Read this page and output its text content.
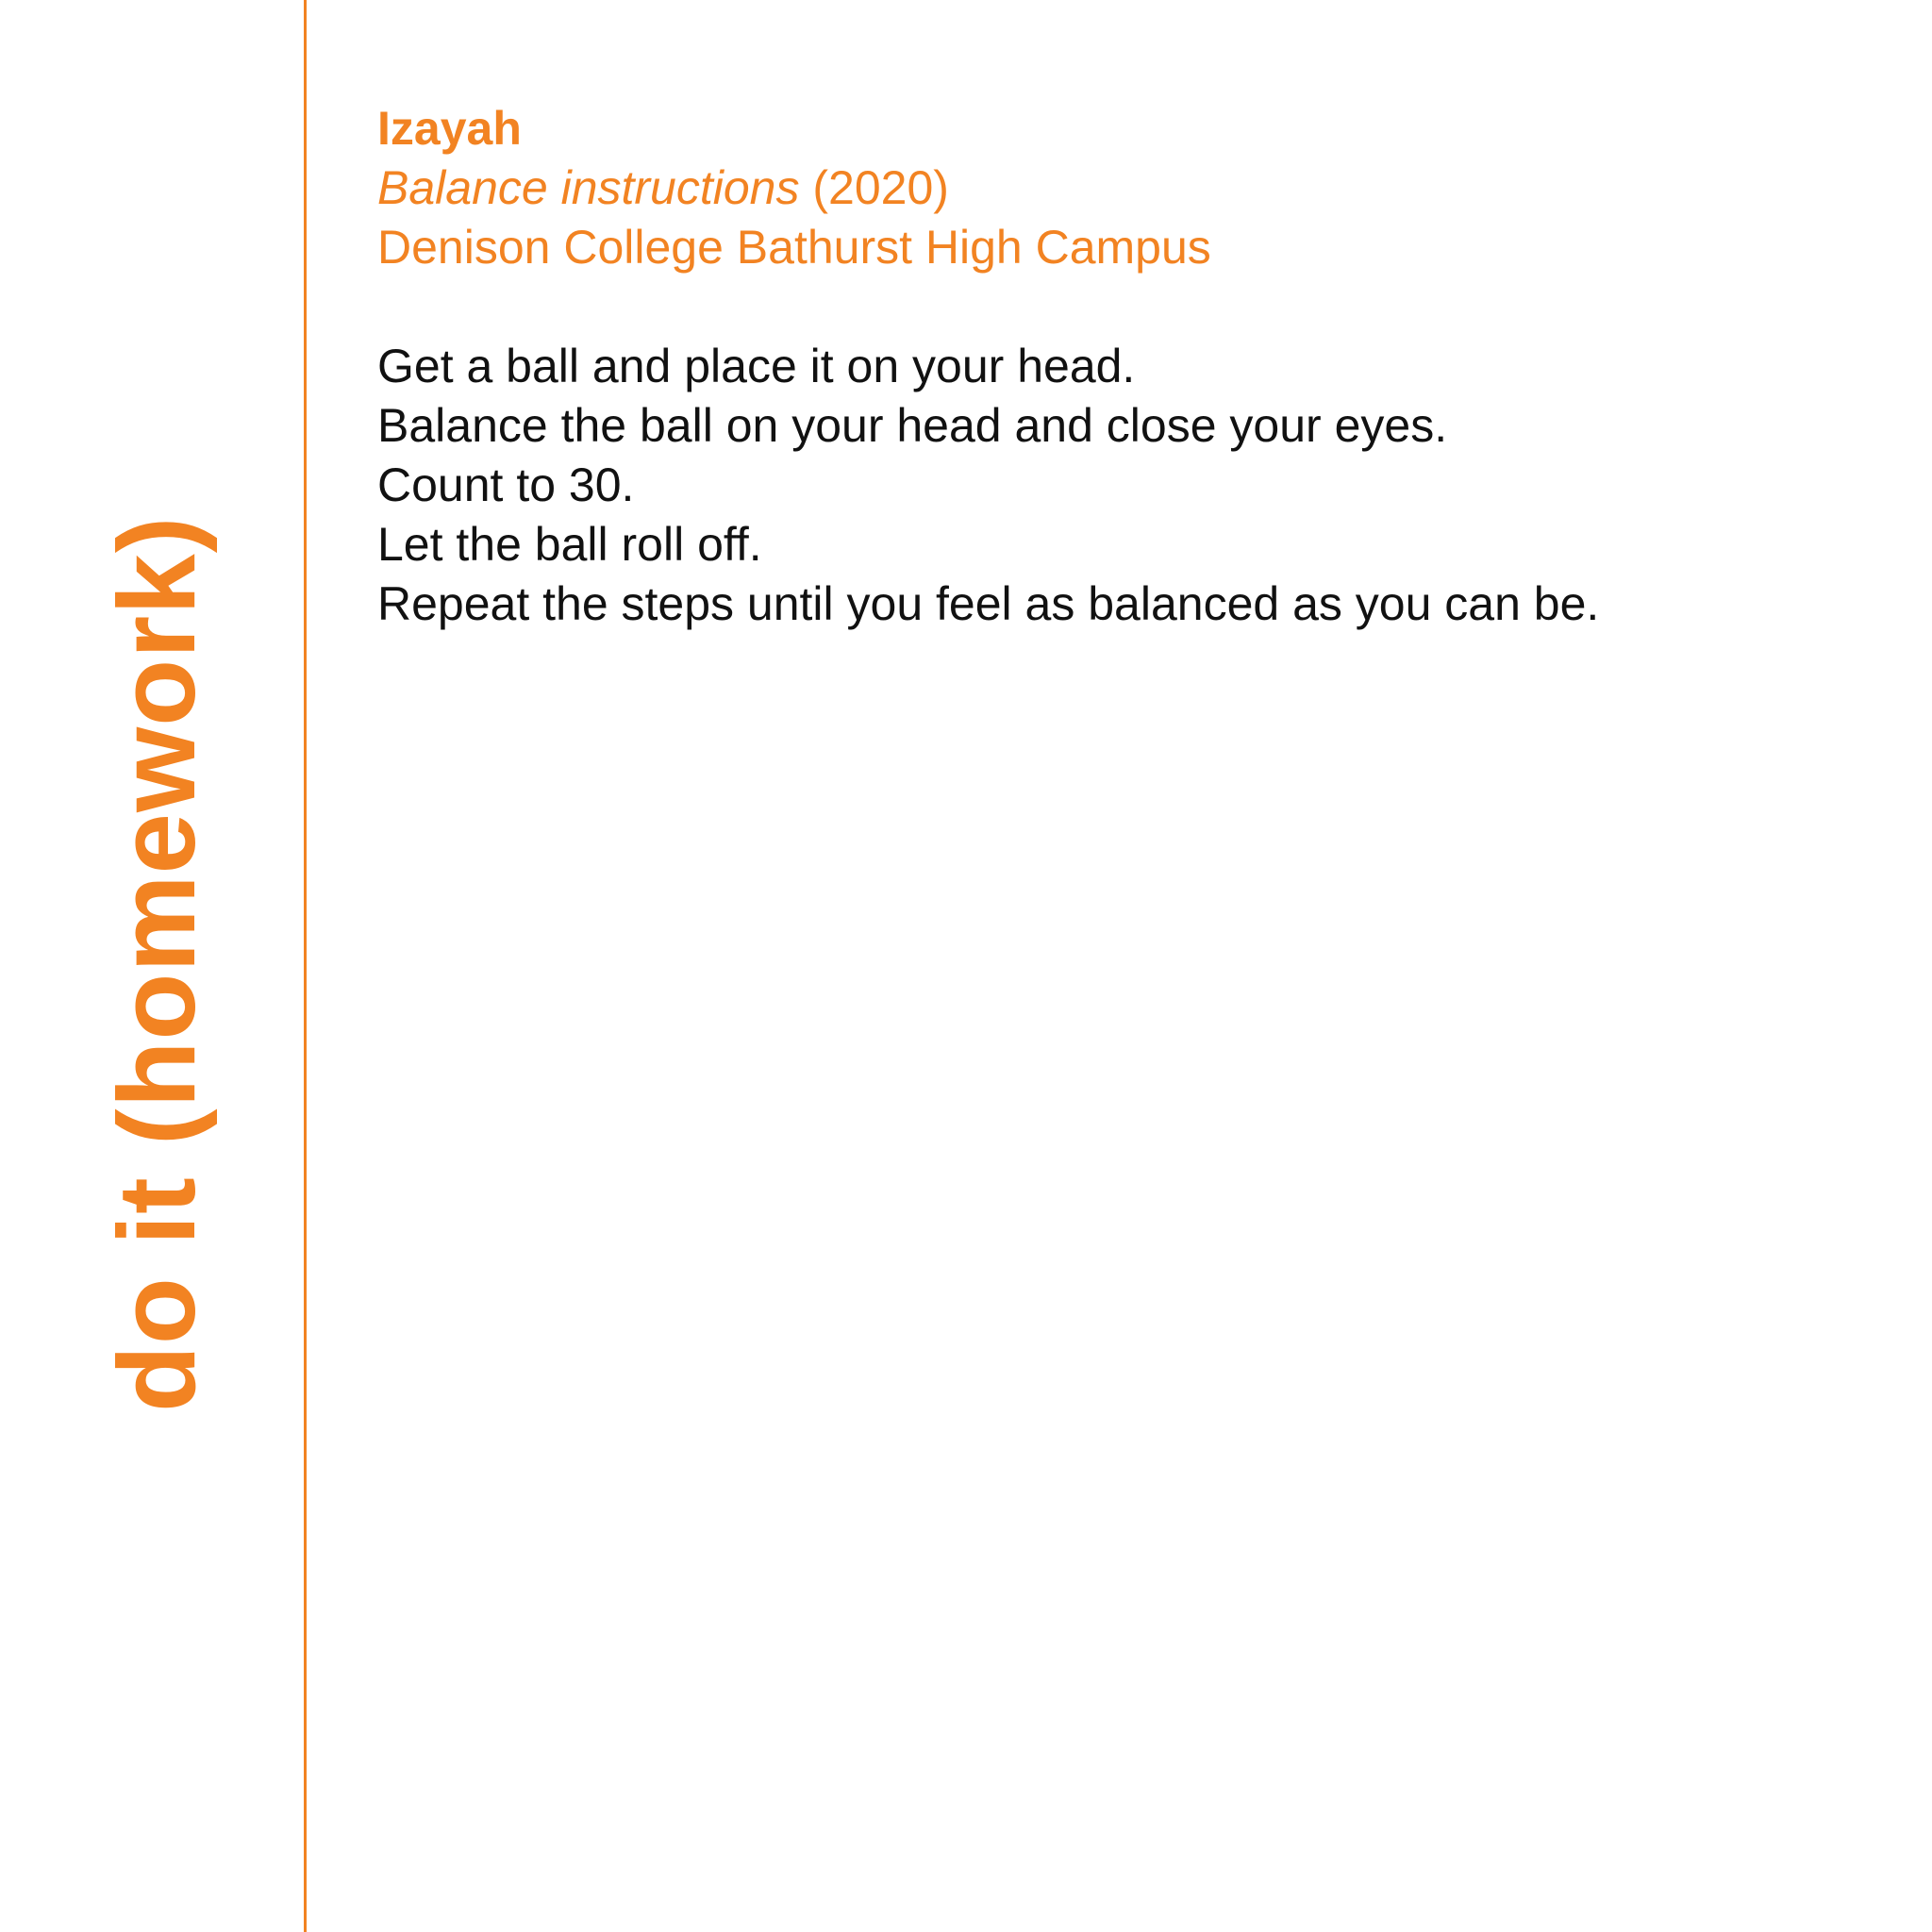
do it (homework)
Izayah
Balance instructions (2020)
Denison College Bathurst High Campus
Get a ball and place it on your head.
Balance the ball on your head and close your eyes.
Count to 30.
Let the ball roll off.
Repeat the steps until you feel as balanced as you can be.
